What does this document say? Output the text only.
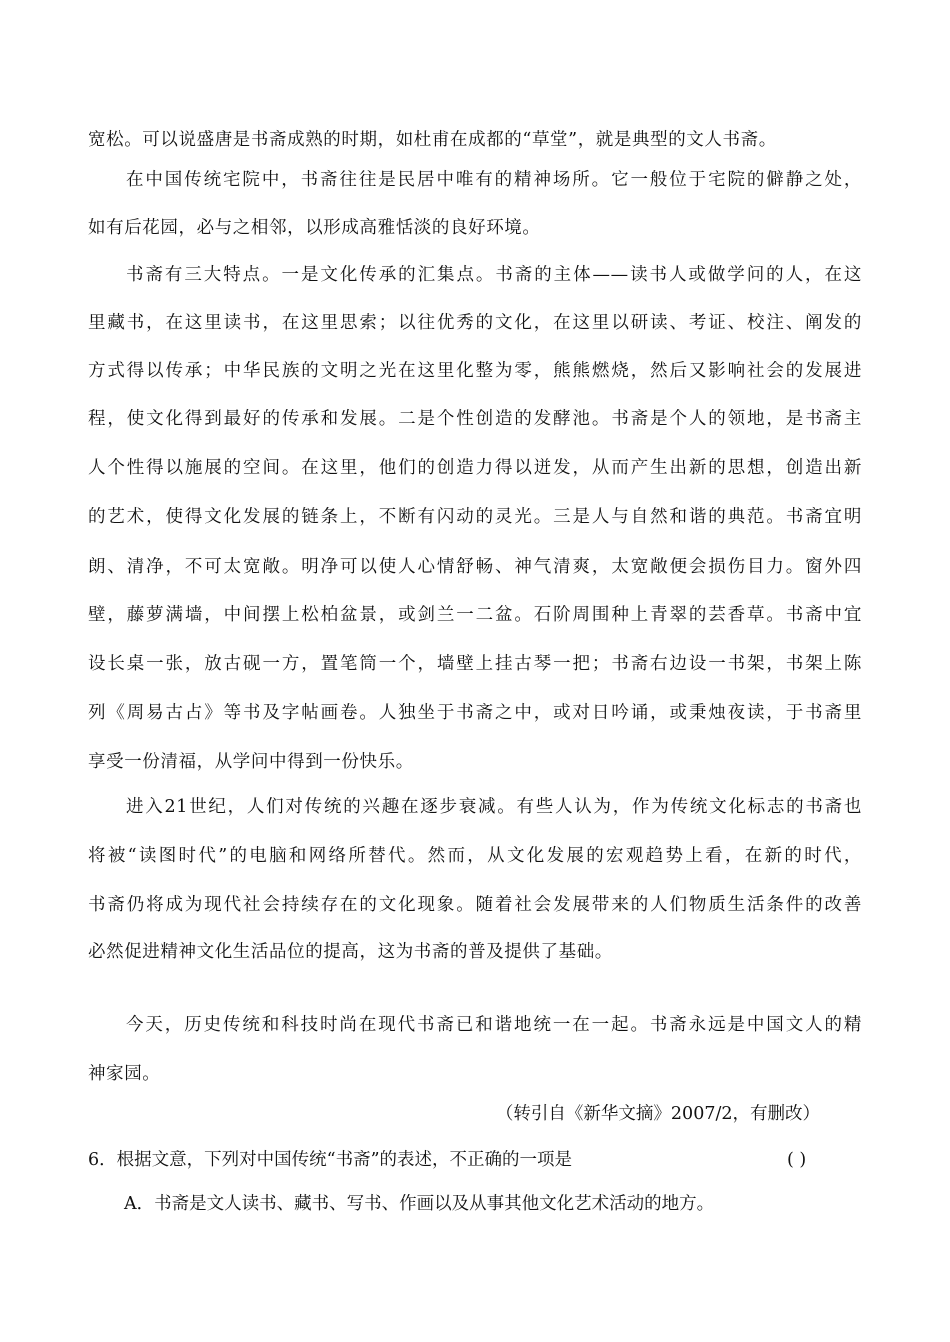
宽松。可以说盛唐是书斋成熟的时期，如杜甫在成都的“草堂”，就是典型的文人书斋。
在中国传统宅院中，书斋往往是民居中唯有的精神场所。它一般位于宅院的僻静之处，
如有后花园，必与之相邻，以形成高雅恬淡的良好环境。
书斋有三大特点。一是文化传承的汇集点。书斋的主体——读书人或做学问的人，在这
里藏书，在这里读书，在这里思索；以往优秀的文化，在这里以研读、考证、校注、阐发的
方式得以传承；中华民族的文明之光在这里化整为零，熊熊燃烧，然后又影响社会的发展进
程，使文化得到最好的传承和发展。二是个性创造的发酵池。书斋是个人的领地，是书斋主
人个性得以施展的空间。在这里，他们的创造力得以迸发，从而产生出新的思想，创造出新
的艺术，使得文化发展的链条上，不断有闪动的灵光。三是人与自然和谐的典范。书斋宜明
朗、清净，不可太宽敞。明净可以使人心情舒畅、神气清爽，太宽敞便会损伤目力。窗外四
壁，藤萝满墙，中间摆上松柏盆景，或剑兰一二盆。石阶周围种上青翠的芸香草。书斋中宜
设长桌一张，放古砚一方，置笔筒一个，墙壁上挂古琴一把；书斋右边设一书架，书架上陈
列《周易古占》等书及字帖画卷。人独坐于书斋之中，或对日吟诵，或秉烛夜读，于书斋里
享受一份清福，从学问中得到一份快乐。
进入21世纪，人们对传统的兴趣在逐步衰减。有些人认为，作为传统文化标志的书斋也
将被“读图时代”的电脑和网络所替代。然而，从文化发展的宏观趋势上看，在新的时代，
书斋仍将成为现代社会持续存在的文化现象。随着社会发展带来的人们物质生活条件的改善
必然促进精神文化生活品位的提高，这为书斋的普及提供了基础。
今天，历史传统和科技时尚在现代书斋已和谐地统一在一起。书斋永远是中国文人的精
神家园。
（转引自《新华文摘》2007/2，有删改）
6．根据文意，下列对中国传统“书斋”的表述，不正确的一项是	( )
A．书斋是文人读书、藏书、写书、作画以及从事其他文化艺术活动的地方。
